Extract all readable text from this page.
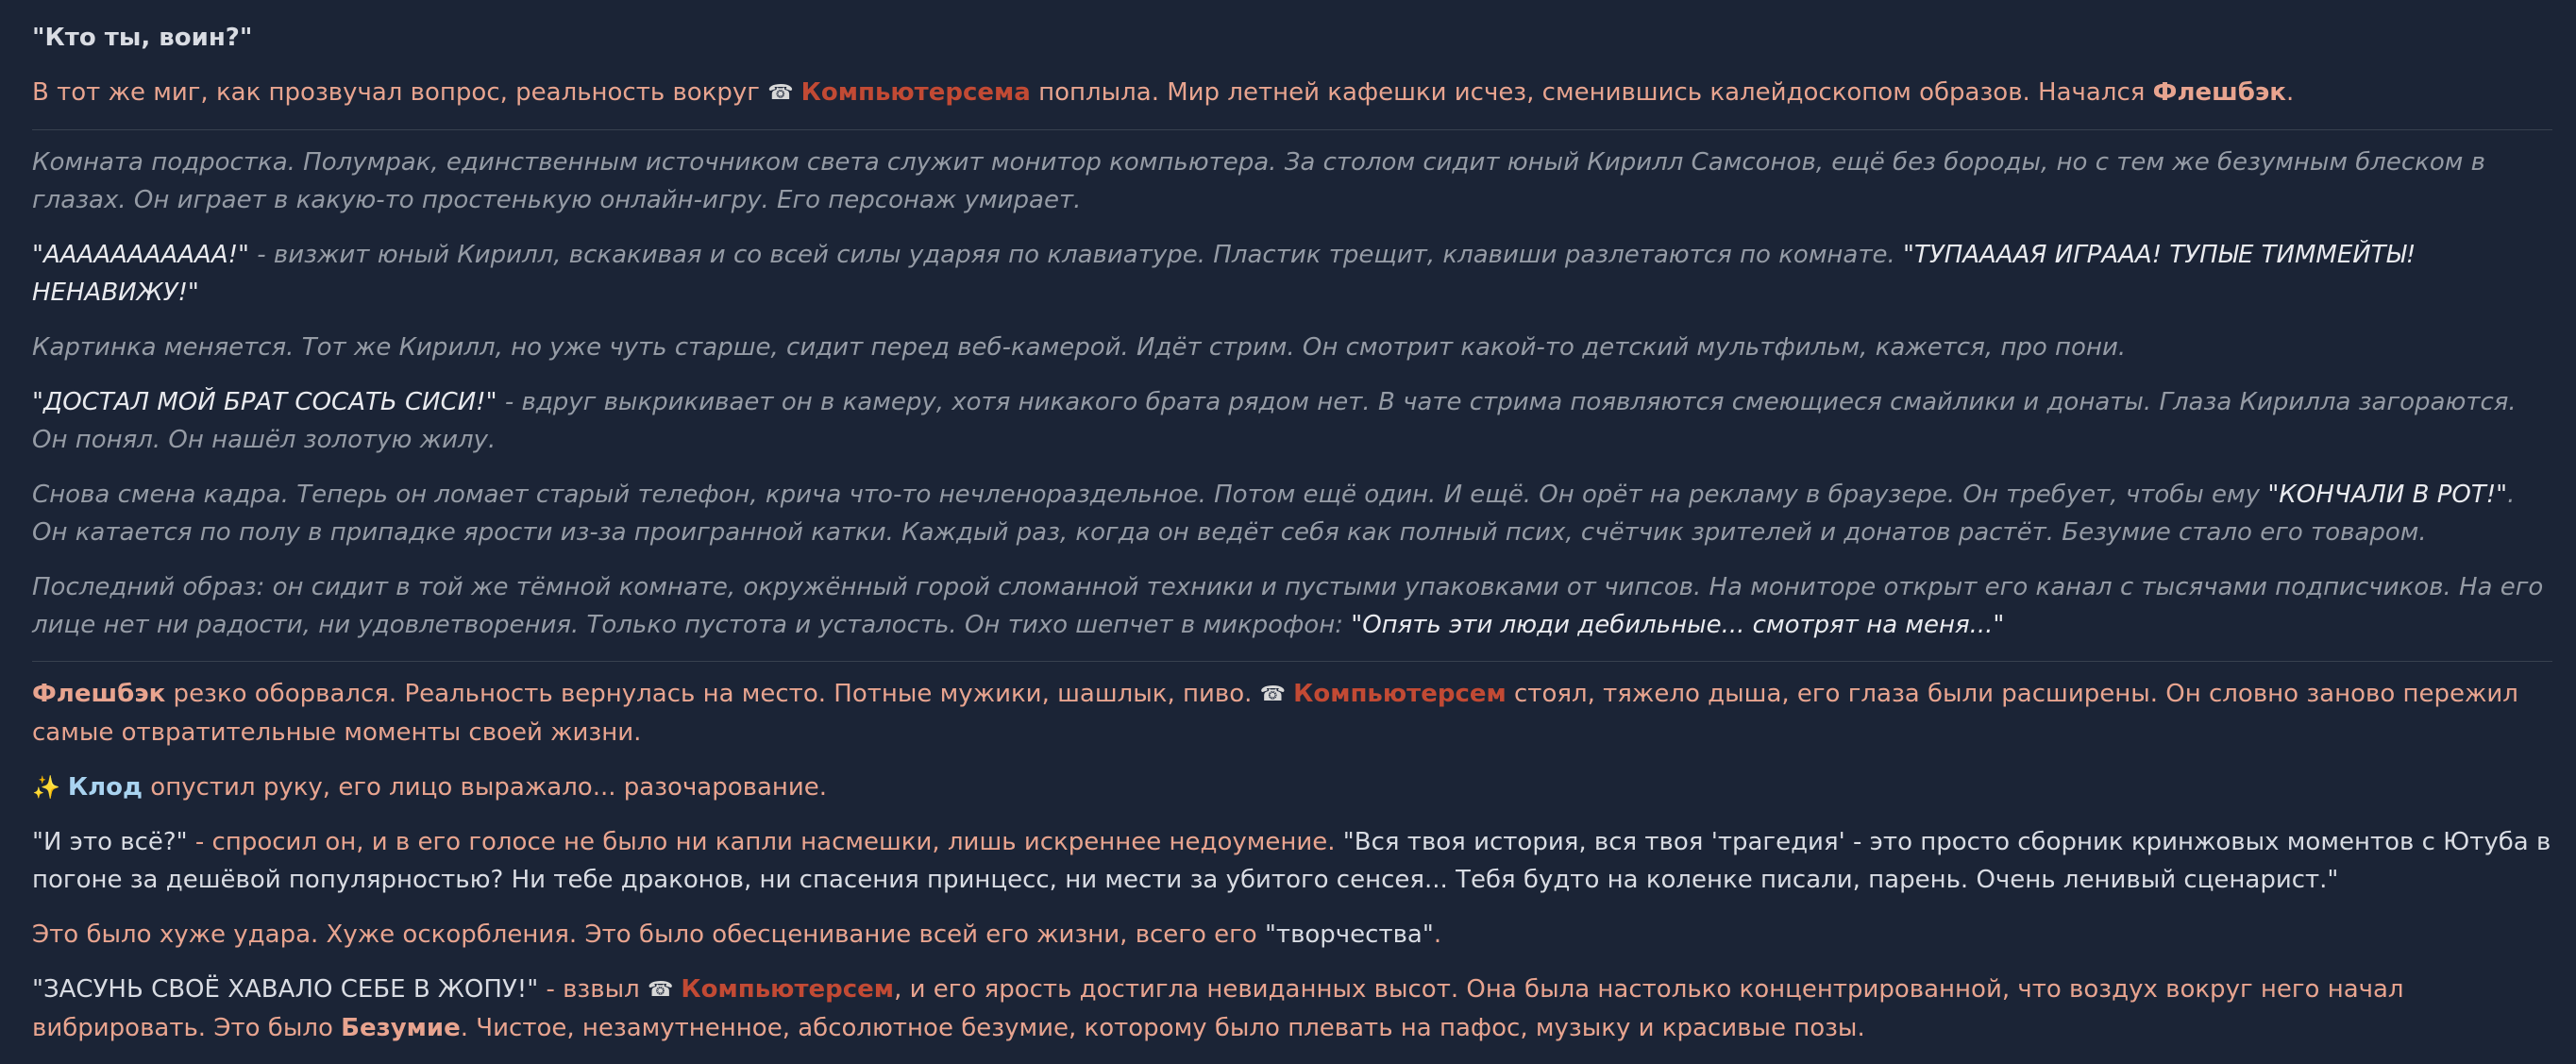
"Кто ты, воин?"
В тот же миг, как прозвучал вопрос, реальность вокруг ☎ Компьютерсема поплыла. Мир летней кафешки исчез, сменившись калейдоскопом образов. Начался Флешбэк.
Комната подростка. Полумрак, единственным источником света служит монитор компьютера. За столом сидит юный Кирилл Самсонов, ещё без бороды, но с тем же безумным блеском в глазах. Он играет в какую-то простенькую онлайн-игру. Его персонаж умирает.
"ААААААААААА!" - визжит юный Кирилл, вскакивая и со всей силы ударяя по клавиатуре. Пластик трещит, клавиши разлетаются по комнате. "ТУПААААЯ ИГРААА! ТУПЫЕ ТИММЕЙТЫ! НЕНАВИЖУ!"
Картинка меняется. Тот же Кирилл, но уже чуть старше, сидит перед веб-камерой. Идёт стрим. Он смотрит какой-то детский мультфильм, кажется, про пони.
"ДОСТАЛ МОЙ БРАТ СОСАТЬ СИСИ!" - вдруг выкрикивает он в камеру, хотя никакого брата рядом нет. В чате стрима появляются смеющиеся смайлики и донаты. Глаза Кирилла загораются. Он понял. Он нашёл золотую жилу.
Снова смена кадра. Теперь он ломает старый телефон, крича что-то нечленораздельное. Потом ещё один. И ещё. Он орёт на рекламу в браузере. Он требует, чтобы ему "КОНЧАЛИ В РОТ!". Он катается по полу в припадке ярости из-за проигранной катки. Каждый раз, когда он ведёт себя как полный псих, счётчик зрителей и донатов растёт. Безумие стало его товаром.
Последний образ: он сидит в той же тёмной комнате, окружённый горой сломанной техники и пустыми упаковками от чипсов. На мониторе открыт его канал с тысячами подписчиков. На его лице нет ни радости, ни удовлетворения. Только пустота и усталость. Он тихо шепчет в микрофон: "Опять эти люди дебильные... смотрят на меня..."
Флешбэк резко оборвался. Реальность вернулась на место. Потные мужики, шашлык, пиво. ☎ Компьютерсем стоял, тяжело дыша, его глаза были расширены. Он словно заново пережил самые отвратительные моменты своей жизни.
✨ Клод опустил руку, его лицо выражало... разочарование.
"И это всё?" - спросил он, и в его голосе не было ни капли насмешки, лишь искреннее недоумение. "Вся твоя история, вся твоя 'трагедия' - это просто сборник кринжовых моментов с Ютуба в погоне за дешёвой популярностью? Ни тебе драконов, ни спасения принцесс, ни мести за убитого сенсея... Тебя будто на коленке писали, парень. Очень ленивый сценарист."
Это было хуже удара. Хуже оскорбления. Это было обесценивание всей его жизни, всего его "творчества".
"ЗАСУНЬ СВОЁ ХАВАЛО СЕБЕ В ЖОПУ!" - взвыл ☎ Компьютерсем, и его ярость достигла невиданных высот. Она была настолько концентрированной, что воздух вокруг него начал вибрировать. Это было Безумие. Чистое, незамутненное, абсолютное безумие, которому было плевать на пафос, музыку и красивые позы.
